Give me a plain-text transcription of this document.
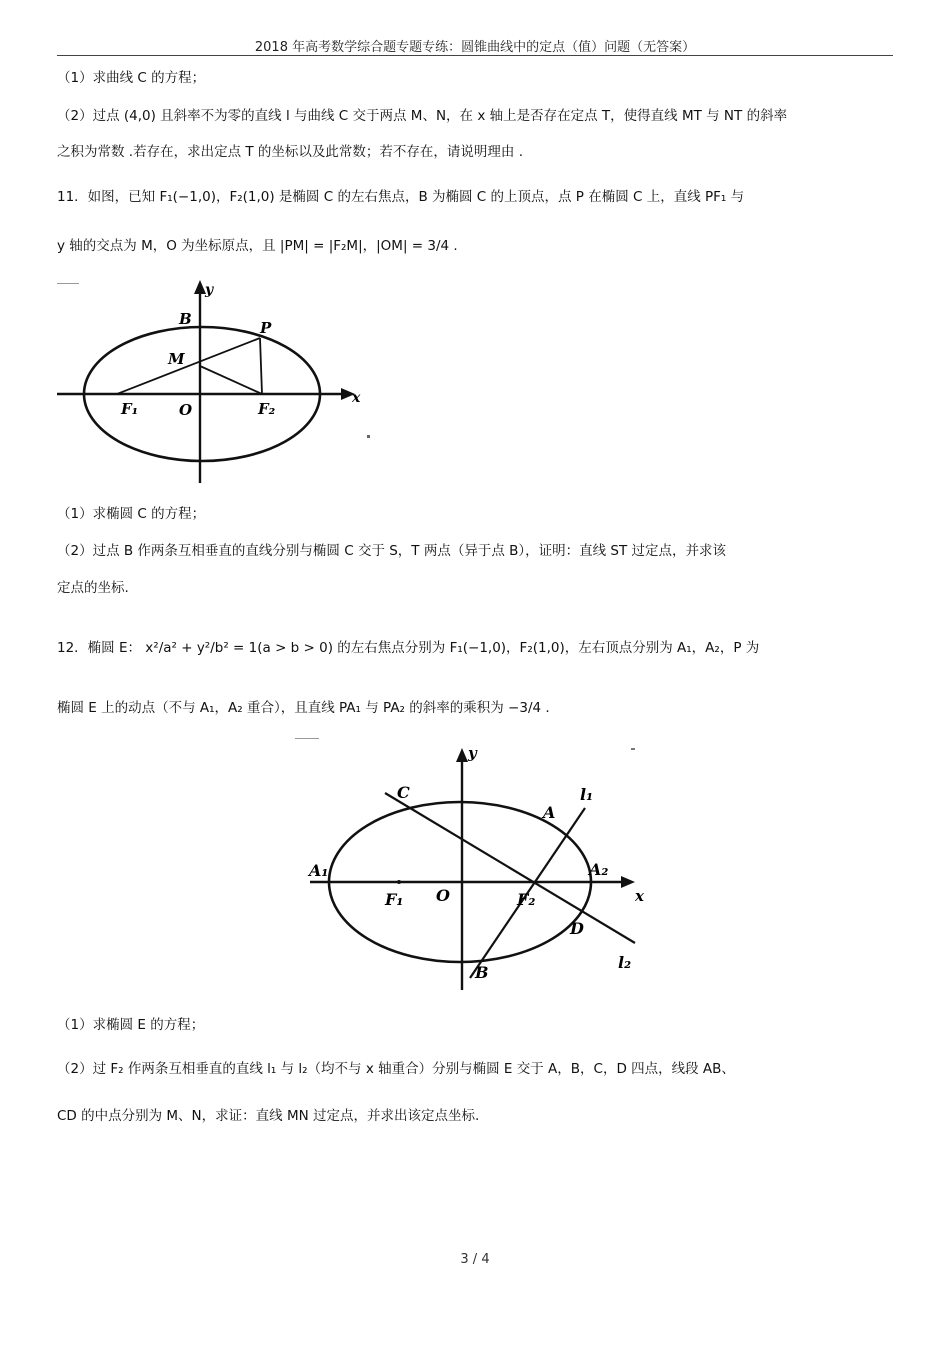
2018 年高考数学综合题专题专练：圆锥曲线中的定点（值）问题（无答案）
（1）求曲线 C 的方程；
（2）过点 (4,0) 且斜率不为零的直线 l 与曲线 C 交于两点 M、N，在 x 轴上是否存在定点 T，使得直线 MT 与 NT 的斜率
之积为常数 .若存在，求出定点 T 的坐标以及此常数；若不存在，请说明理由 .
11．如图，已知 F₁(−1,0)，F₂(1,0) 是椭圆 C 的左右焦点，B 为椭圆 C 的上顶点，点 P 在椭圆 C 上，直线 PF₁ 与
y 轴的交点为 M，O 为坐标原点，且 |PM| = |F₂M|，|OM| = 3/4 .
y
x
B	P
M
F₁	O	F₂
（1）求椭圆 C 的方程；
（2）过点 B 作两条互相垂直的直线分别与椭圆 C 交于 S，T 两点（异于点 B），证明：直线 ST 过定点，并求该
定点的坐标.
12．椭圆 E： x²/a² + y²/b² = 1(a > b > 0) 的左右焦点分别为 F₁(−1,0)，F₂(1,0)，左右顶点分别为 A₁，A₂，P 为
椭圆 E 上的动点（不与 A₁，A₂ 重合），且直线 PA₁ 与 PA₂ 的斜率的乘积为 −3/4 .
y
x
C
A
l₁
A₁	A₂
F₁ O	F₂
D
B
l₂
（1）求椭圆 E 的方程；
（2）过 F₂ 作两条互相垂直的直线 l₁ 与 l₂（均不与 x 轴重合）分别与椭圆 E 交于 A，B，C，D 四点，线段 AB、
CD 的中点分别为 M、N，求证：直线 MN 过定点，并求出该定点坐标.
3 / 4
